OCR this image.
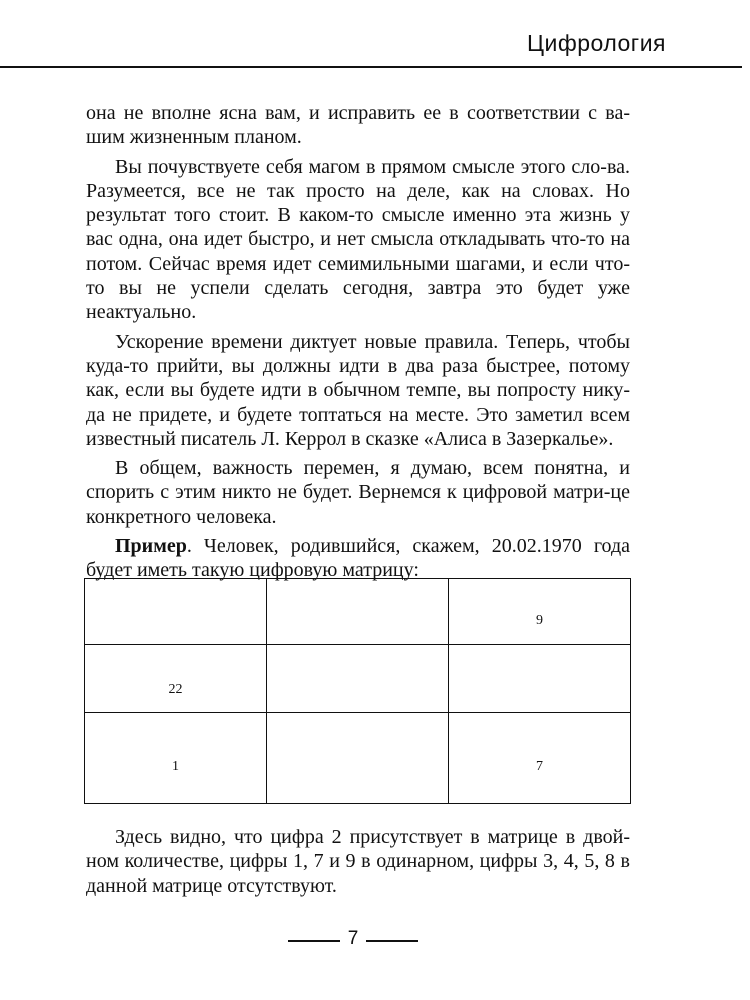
Цифрология

она не вполне ясна вам, и исправить ее в соответствии с ва-шим жизненным планом.

Вы почувствуете себя магом в прямом смысле этого сло-ва. Разумеется, все не так просто на деле, как на словах. Но результат того стоит. В каком-то смысле именно эта жизнь у вас одна, она идет быстро, и нет смысла откладывать что-то на потом. Сейчас время идет семимильными шагами, и если что-то вы не успели сделать сегодня, завтра это будет уже неактуально.

Ускорение времени диктует новые правила. Теперь, чтобы куда-то прийти, вы должны идти в два раза быстрее, потому как, если вы будете идти в обычном темпе, вы попросту нику-да не придете, и будете топтаться на месте. Это заметил всем известный писатель Л. Кеppол в сказке «Алиса в Зазеркалье».

В общем, важность перемен, я думаю, всем понятна, и спорить с этим никто не будет. Вернемся к цифровой матри-це конкретного человека.

Пример. Человек, родившийся, скажем, 20.02.1970 года будет иметь такую цифровую матрицу:

		9

22		

1		7

Здесь видно, что цифра 2 присутствует в матрице в двой-ном количестве, цифры 1, 7 и 9 в одинарном, цифры 3, 4, 5, 8 в данной матрице отсутствуют.

7
